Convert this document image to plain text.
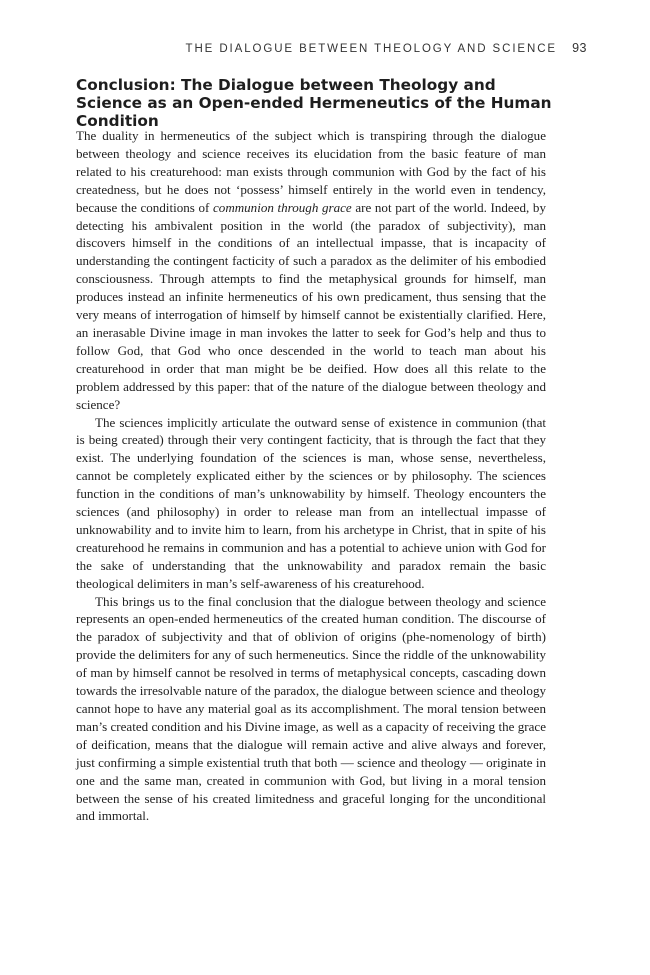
THE DIALOGUE BETWEEN THEOLOGY AND SCIENCE 93
Conclusion: The Dialogue between Theology and Science as an Open-ended Hermeneutics of the Human Condition

The duality in hermeneutics of the subject which is transpiring through the dialogue between theology and science receives its elucidation from the basic feature of man related to his creaturehood: man exists through communion with God by the fact of his createdness, but he does not ‘possess’ himself entirely in the world even in tendency, because the conditions of communion through grace are not part of the world. Indeed, by detecting his ambivalent position in the world (the paradox of subjectivity), man discovers himself in the conditions of an intellectual impasse, that is incapacity of understanding the contingent facticity of such a paradox as the delimiter of his embodied consciousness. Through attempts to find the metaphysical grounds for himself, man produces instead an infinite hermeneutics of his own predicament, thus sensing that the very means of interrogation of himself by himself cannot be existentially clarified. Here, an inerasable Divine image in man invokes the latter to seek for God’s help and thus to follow God, that God who once descended in the world to teach man about his creaturehood in order that man might be be deified. How does all this relate to the problem addressed by this paper: that of the nature of the dialogue between theology and science?

The sciences implicitly articulate the outward sense of existence in communion (that is being created) through their very contingent facticity, that is through the fact that they exist. The underlying foundation of the sciences is man, whose sense, nevertheless, cannot be completely explicated either by the sciences or by philosophy. The sciences function in the conditions of man’s unknowability by himself. Theology encounters the sciences (and philosophy) in order to release man from an intellectual impasse of unknowability and to invite him to learn, from his archetype in Christ, that in spite of his creaturehood he remains in communion and has a potential to achieve union with God for the sake of understanding that the unknowability and paradox remain the basic theological delimiters in man’s self-awareness of his creaturehood.

This brings us to the final conclusion that the dialogue between theology and science represents an open-ended hermeneutics of the created human condition. The discourse of the paradox of subjectivity and that of oblivion of origins (phe-nomenology of birth) provide the delimiters for any of such hermeneutics. Since the riddle of the unknowability of man by himself cannot be resolved in terms of metaphysical concepts, cascading down towards the irresolvable nature of the paradox, the dialogue between science and theology cannot hope to have any material goal as its accomplishment. The moral tension between man’s created condition and his Divine image, as well as a capacity of receiving the grace of deification, means that the dialogue will remain active and alive always and forever, just confirming a simple existential truth that both — science and theology — originate in one and the same man, created in communion with God, but living in a moral tension between the sense of his created limitedness and graceful longing for the unconditional and immortal.
